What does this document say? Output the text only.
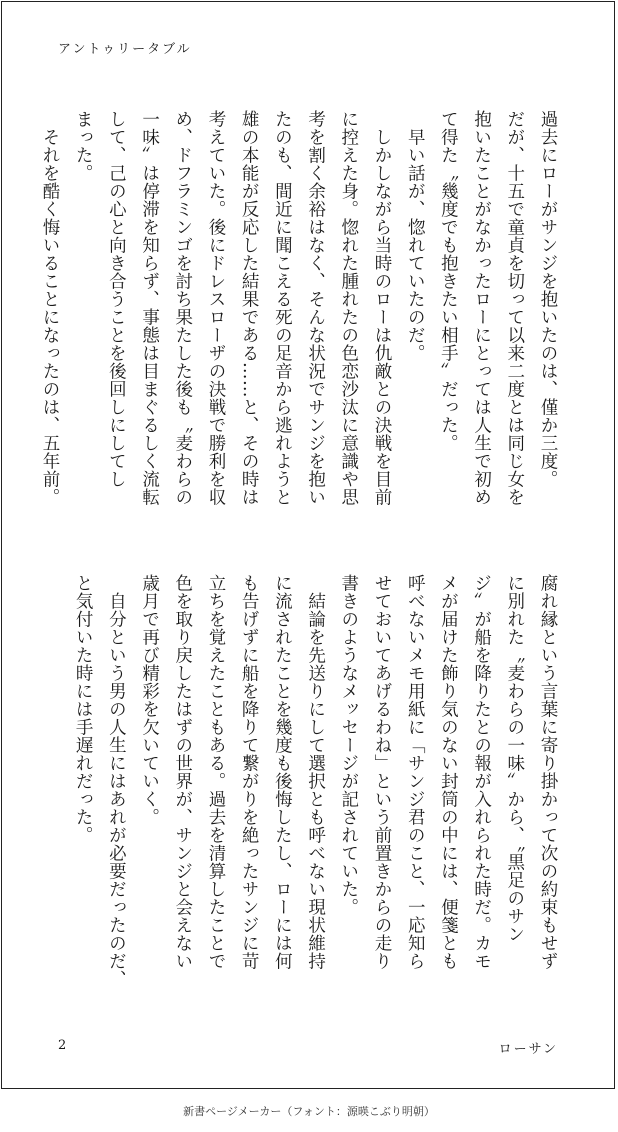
アントゥリータブル
過去にローがサンジを抱いたのは、僅か三度。
だが、十五で童貞を切って以来二度とは同じ女を
抱いたことがなかったローにとっては人生で初め
て得た〝幾度でも抱きたい相手〟だった。
　早い話が、惚れていたのだ。
　しかしながら当時のローは仇敵との決戦を目前
に控えた身。惚れた腫れたの色恋沙汰に意識や思
考を割く余裕はなく、そんな状況でサンジを抱い
たのも、間近に聞こえる死の足音から逃れようと
雄の本能が反応した結果である……と、その時は
考えていた。後にドレスローザの決戦で勝利を収
め、ドフラミンゴを討ち果たした後も〝麦わらの
一味〟は停滞を知らず、事態は目まぐるしく流転
して、己の心と向き合うことを後回しにしてし
まった。
　それを酷く悔いることになったのは、五年前。
腐れ縁という言葉に寄り掛かって次の約束もせず
に別れた〝麦わらの一味〟から、〝黒足のサン
ジ〟が船を降りたとの報が入れられた時だ。カモ
メが届けた飾り気のない封筒の中には、便箋とも
呼べないメモ用紙に「サンジ君のこと、一応知ら
せておいてあげるわね」という前置きからの走り
書きのようなメッセージが記されていた。
　結論を先送りにして選択とも呼べない現状維持
に流されたことを幾度も後悔したし、ローには何
も告げずに船を降りて繋がりを絶ったサンジに苛
立ちを覚えたこともある。過去を清算したことで
色を取り戻したはずの世界が、サンジと会えない
歳月で再び精彩を欠いていく。
　自分という男の人生にはあれが必要だったのだ、
と気付いた時には手遅れだった。
2	ローサン
新書ページメーカー（フォント：源暎こぶり明朝）
